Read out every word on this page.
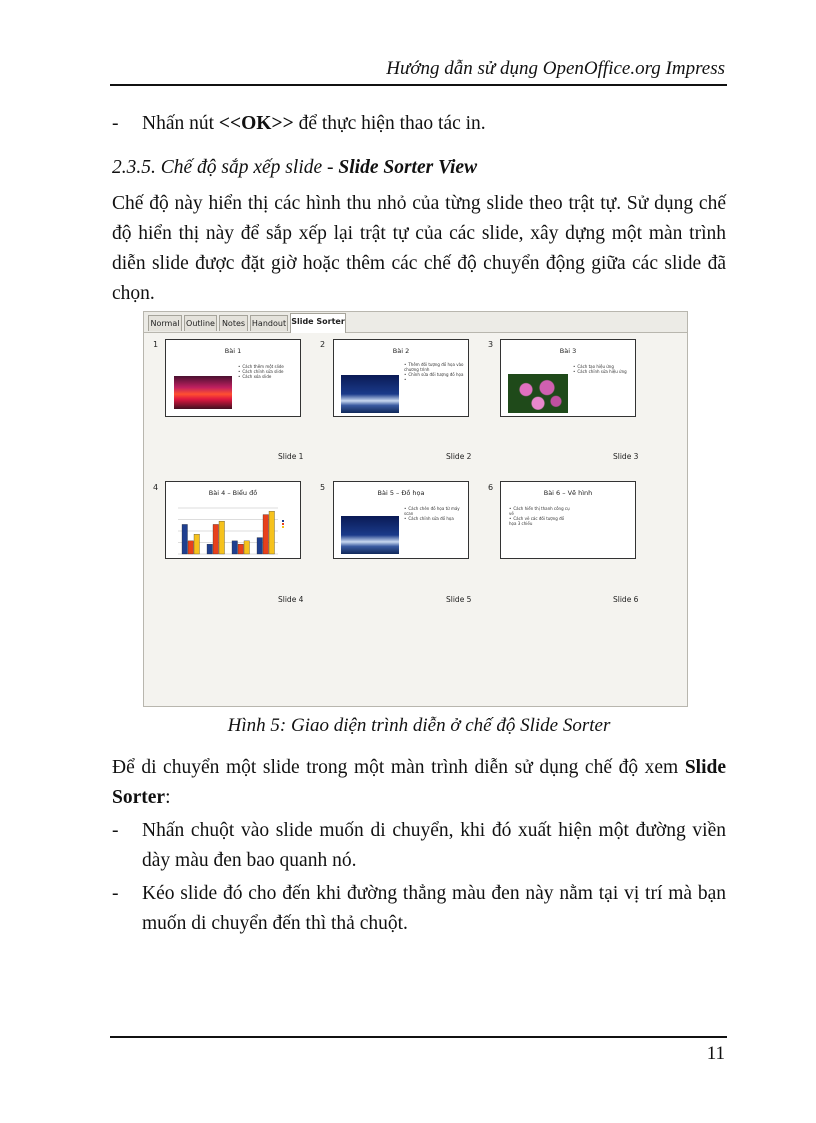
Hướng dẫn sử dụng OpenOffice.org Impress
- Nhấn nút <<OK>> để thực hiện thao tác in.
2.3.5. Chế độ sắp xếp slide - Slide Sorter View
Chế độ này hiển thị các hình thu nhỏ của từng slide theo trật tự. Sử dụng chế độ hiển thị này để sắp xếp lại trật tự của các slide, xây dựng một màn trình diễn slide được đặt giờ hoặc thêm các chế độ chuyển động giữa các slide đã chọn.
Normal Outline Notes Handout Slide Sorter
1
Bài 1
• Cách thêm một slide
• Cách chỉnh sửa slide
• Cách xóa slide
Slide 1
2
Bài 2
• Thêm đối tượng đồ họa vào chương trình
• Chỉnh sửa đối tượng đồ họa
•
Slide 2
3
Bài 3
• Cách tạo hiệu ứng
• Cách chỉnh sửa hiệu ứng
Slide 3
4
Bài 4 – Biểu đồ
Slide 4
5
Bài 5 – Đồ họa
• Cách chèn đồ họa từ máy scan
• Cách chỉnh sửa đồ họa
Slide 5
6
Bài 6 – Vẽ hình
• Cách hiển thị thanh công cụ vẽ
• Cách vẽ các đối tượng đồ họa 3 chiều
Slide 6
Hình 5: Giao diện trình diễn ở chế độ Slide Sorter
Để di chuyển một slide trong một màn trình diễn sử dụng chế độ xem Slide Sorter:
- Nhấn chuột vào slide muốn di chuyển, khi đó xuất hiện một đường viền dày màu đen bao quanh nó.
- Kéo slide đó cho đến khi đường thẳng màu đen này nằm tại vị trí mà bạn muốn di chuyển đến thì thả chuột.
11
